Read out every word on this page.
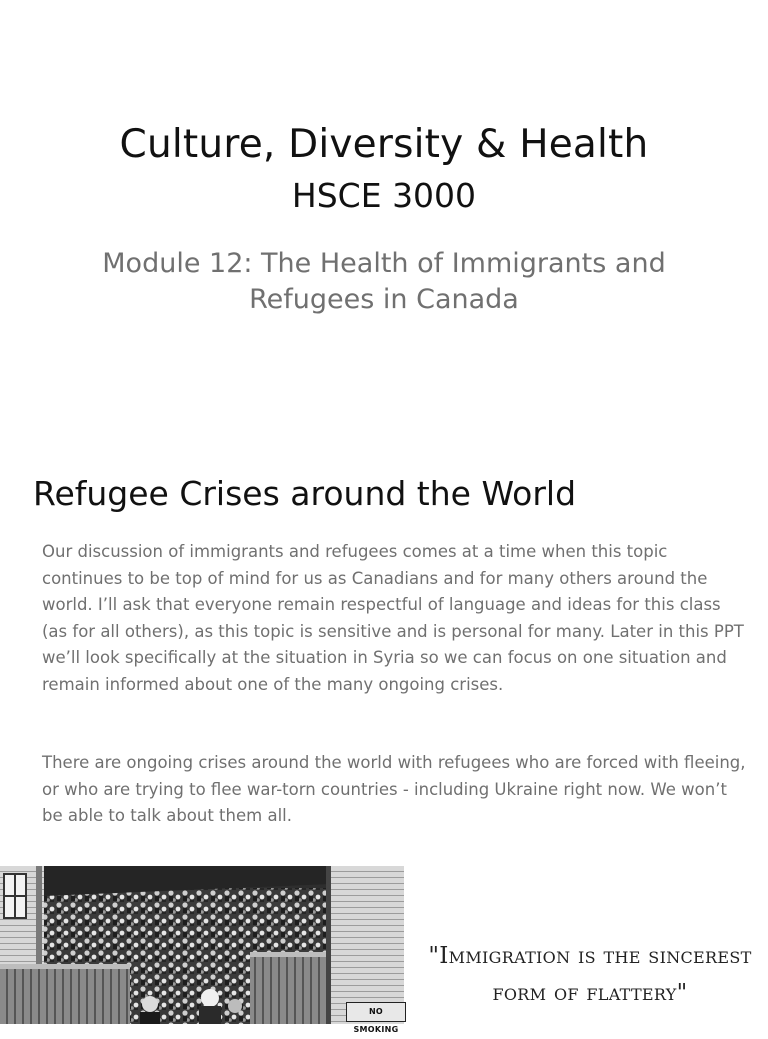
Culture, Diversity & Health
HSCE 3000
Module 12: The Health of Immigrants and Refugees in Canada
Refugee Crises around the World

Our discussion of immigrants and refugees comes at a time when this topic continues to be top of mind for us as Canadians and for many others around the world. I’ll ask that everyone remain respectful of language and ideas for this class (as for all others), as this topic is sensitive and is personal for many. Later in this PPT we’ll look specifically at the situation in Syria so we can focus on one situation and remain informed about one of the many ongoing crises.

There are ongoing crises around the world with refugees who are forced with fleeing, or who are trying to flee war-torn countries - including Ukraine right now. We won’t be able to talk about them all.

NO SMOKING
"Immigration is the sincerest form of flattery"
